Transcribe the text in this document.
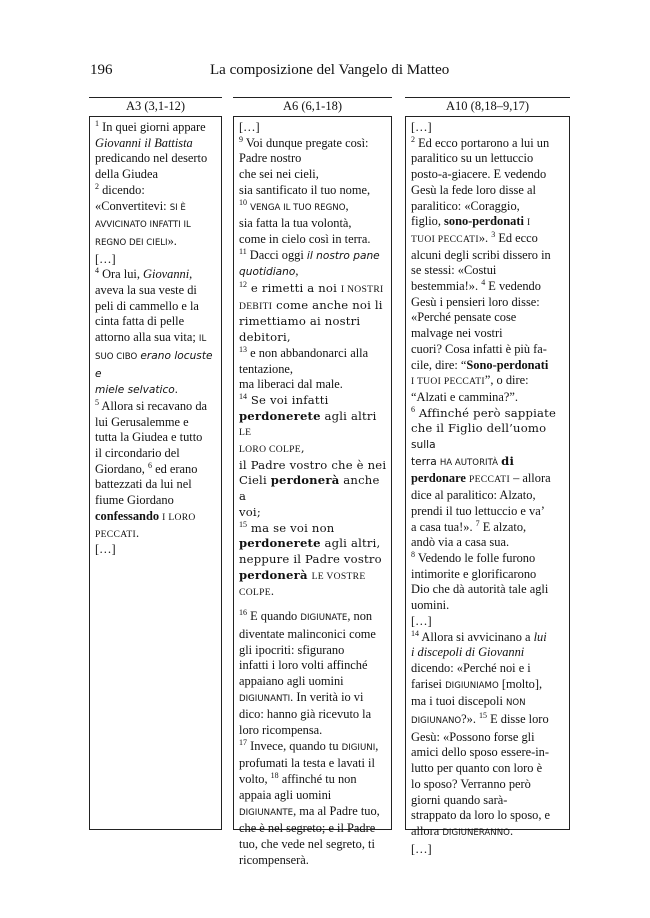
196	La composizione del Vangelo di Matteo
A3 (3,1-12)	A6 (6,1-18)	A10 (8,18–9,17)
$^1$ In quei giorni appare
Giovanni il Battista
predicando nel deserto
della Giudea
$^2$ dicendo:
«Convertitevi: SI È
AVVICINATO INFATTI IL
REGNO DEI CIELI».
[…]
$^4$ Ora lui, Giovanni,
aveva la sua veste di
peli di cammello e la
cinta fatta di pelle
attorno alla sua vita; IL
SUO CIBO erano locuste e
miele selvatico.
$^5$ Allora si recavano da
lui Gerusalemme e
tutta la Giudea e tutto
il circondario del
Giordano, $^6$ ed erano
battezzati da lui nel
fiume Giordano
confessando I LORO
PECCATI.
[…]
[…]
$^9$ Voi dunque pregate così:
Padre nostro
che sei nei cieli,
sia santificato il tuo nome,
$^{10}$ VENGA IL TUO REGNO,
sia fatta la tua volontà,
come in cielo così in terra.
$^{11}$ Dacci oggi il nostro pane
quotidiano,
$^{12}$ e rimetti a noi I NOSTRI
DEBITI come anche noi li
rimettiamo ai nostri
debitori,
$^{13}$ e non abbandonarci alla
tentazione,
ma liberaci dal male.
$^{14}$ Se voi infatti
perdonerete agli altri LE
LORO COLPE,
il Padre vostro che è nei
Cieli perdonerà anche a
voi;
$^{15}$ ma se voi non
perdonerete agli altri,
neppure il Padre vostro
perdonerà LE VOSTRE
COLPE.
$^{16}$ E quando DIGIUNATE, non
diventate malinconici come
gli ipocriti: sfigurano
infatti i loro volti affinché
appaiano agli uomini
DIGIUNANTI. In verità io vi
dico: hanno già ricevuto la
loro ricompensa.
$^{17}$ Invece, quando tu DIGIUNI,
profumati la testa e lavati il
volto, $^{18}$ affinché tu non
appaia agli uomini
DIGIUNANTE, ma al Padre tuo,
che è nel segreto; e il Padre
tuo, che vede nel segreto, ti
ricompenserà.
[…]
$^2$ Ed ecco portarono a lui un
paralitico su un lettuccio
posto-a-giacere. E vedendo
Gesù la fede loro disse al
paralitico: «Coraggio,
figlio, sono-perdonati I
TUOI PECCATI». $^3$ Ed ecco
alcuni degli scribi dissero in
se stessi: «Costui
bestemmia!». $^4$ E vedendo
Gesù i pensieri loro disse:
«Perché pensate cose
malvage nei vostri
cuori? Cosa infatti è più fa-
cile, dire: “Sono-perdonati
I TUOI PECCATI”, o dire:
“Alzati e cammina?”.
$^6$ Affinché però sappiate
che il Figlio dell’uomo sulla
terra HA AUTORITÀ di
perdonare PECCATI – allora
dice al paralitico: Alzato,
prendi il tuo lettuccio e va’
a casa tua!». $^7$ E alzato,
andò via a casa sua.
$^8$ Vedendo le folle furono
intimorite e glorificarono
Dio che dà autorità tale agli
uomini.
[…]
$^{14}$ Allora si avvicinano a lui
i discepoli di Giovanni
dicendo: «Perché noi e i
farisei DIGIUNIAMO [molto],
ma i tuoi discepoli NON
DIGIUNANO?». $^{15}$ E disse loro
Gesù: «Possono forse gli
amici dello sposo essere-in-
lutto per quanto con loro è
lo sposo? Verranno però
giorni quando sarà-
strappato da loro lo sposo, e
allora DIGIUNERANNO.
[…]
